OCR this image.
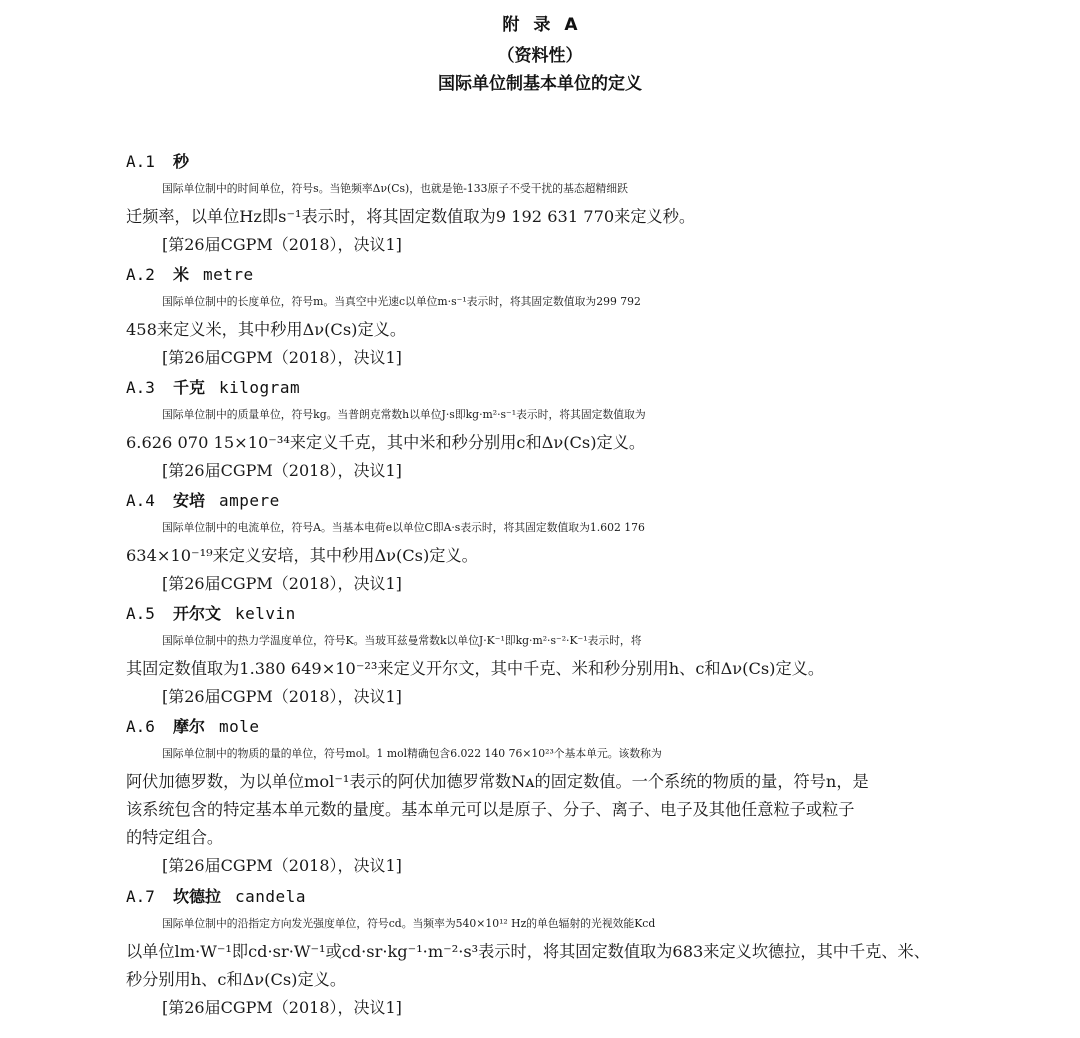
附录A
（资料性）
国际单位制基本单位的定义
A.1 秒
国际单位制中的时间单位，符号s。当铯频率Δν(Cs)，也就是铯-133原子不受干扰的基态超精细跃
迁频率，以单位Hz即s⁻¹表示时，将其固定数值取为9 192 631 770来定义秒。
[第26届CGPM（2018），决议1]
A.2 米 metre
国际单位制中的长度单位，符号m。当真空中光速c以单位m·s⁻¹表示时，将其固定数值取为299 792
458来定义米，其中秒用Δν(Cs)定义。
[第26届CGPM（2018），决议1]
A.3 千克 kilogram
国际单位制中的质量单位，符号kg。当普朗克常数h以单位J·s即kg·m²·s⁻¹表示时，将其固定数值取为
6.626 070 15×10⁻³⁴来定义千克，其中米和秒分别用c和Δν(Cs)定义。
[第26届CGPM（2018），决议1]
A.4 安培 ampere
国际单位制中的电流单位，符号A。当基本电荷e以单位C即A·s表示时，将其固定数值取为1.602 176
634×10⁻¹⁹来定义安培，其中秒用Δν(Cs)定义。
[第26届CGPM（2018），决议1]
A.5 开尔文 kelvin
国际单位制中的热力学温度单位，符号K。当玻耳兹曼常数k以单位J·K⁻¹即kg·m²·s⁻²·K⁻¹表示时，将
其固定数值取为1.380 649×10⁻²³来定义开尔文，其中千克、米和秒分别用h、c和Δν(Cs)定义。
[第26届CGPM（2018），决议1]
A.6 摩尔 mole
国际单位制中的物质的量的单位，符号mol。1 mol精确包含6.022 140 76×10²³个基本单元。该数称为
阿伏加德罗数，为以单位mol⁻¹表示的阿伏加德罗常数Nᴀ的固定数值。一个系统的物质的量，符号n，是
该系统包含的特定基本单元数的量度。基本单元可以是原子、分子、离子、电子及其他任意粒子或粒子
的特定组合。
[第26届CGPM（2018），决议1]
A.7 坎德拉 candela
国际单位制中的沿指定方向发光强度单位，符号cd。当频率为540×10¹² Hz的单色辐射的光视效能Kcd
以单位lm·W⁻¹即cd·sr·W⁻¹或cd·sr·kg⁻¹·m⁻²·s³表示时，将其固定数值取为683来定义坎德拉，其中千克、米、
秒分别用h、c和Δν(Cs)定义。
[第26届CGPM（2018），决议1]
